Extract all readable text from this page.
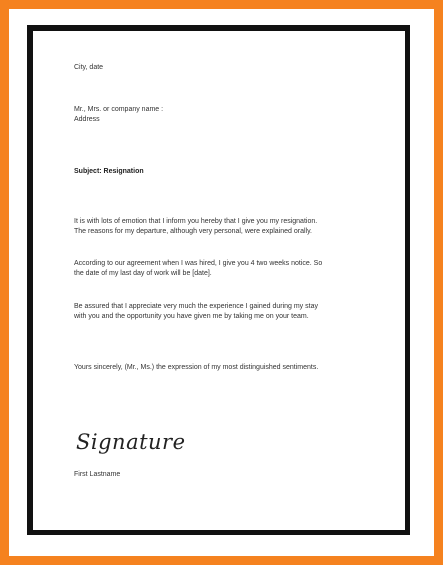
City, date
Mr., Mrs. or company name :
Address
Subject: Resignation
It is with lots of emotion that I inform you hereby that I give you my resignation.
The reasons for my departure, although very personal, were explained orally.
According to our agreement when I was hired, I give you 4 two weeks notice. So
the date of my last day of work will be [date].
Be assured that I appreciate very much the experience I gained during my stay
with you and the opportunity you have given me by taking me on your team.
Yours sincerely, (Mr., Ms.) the expression of my most distinguished sentiments.
Signature
First Lastname
